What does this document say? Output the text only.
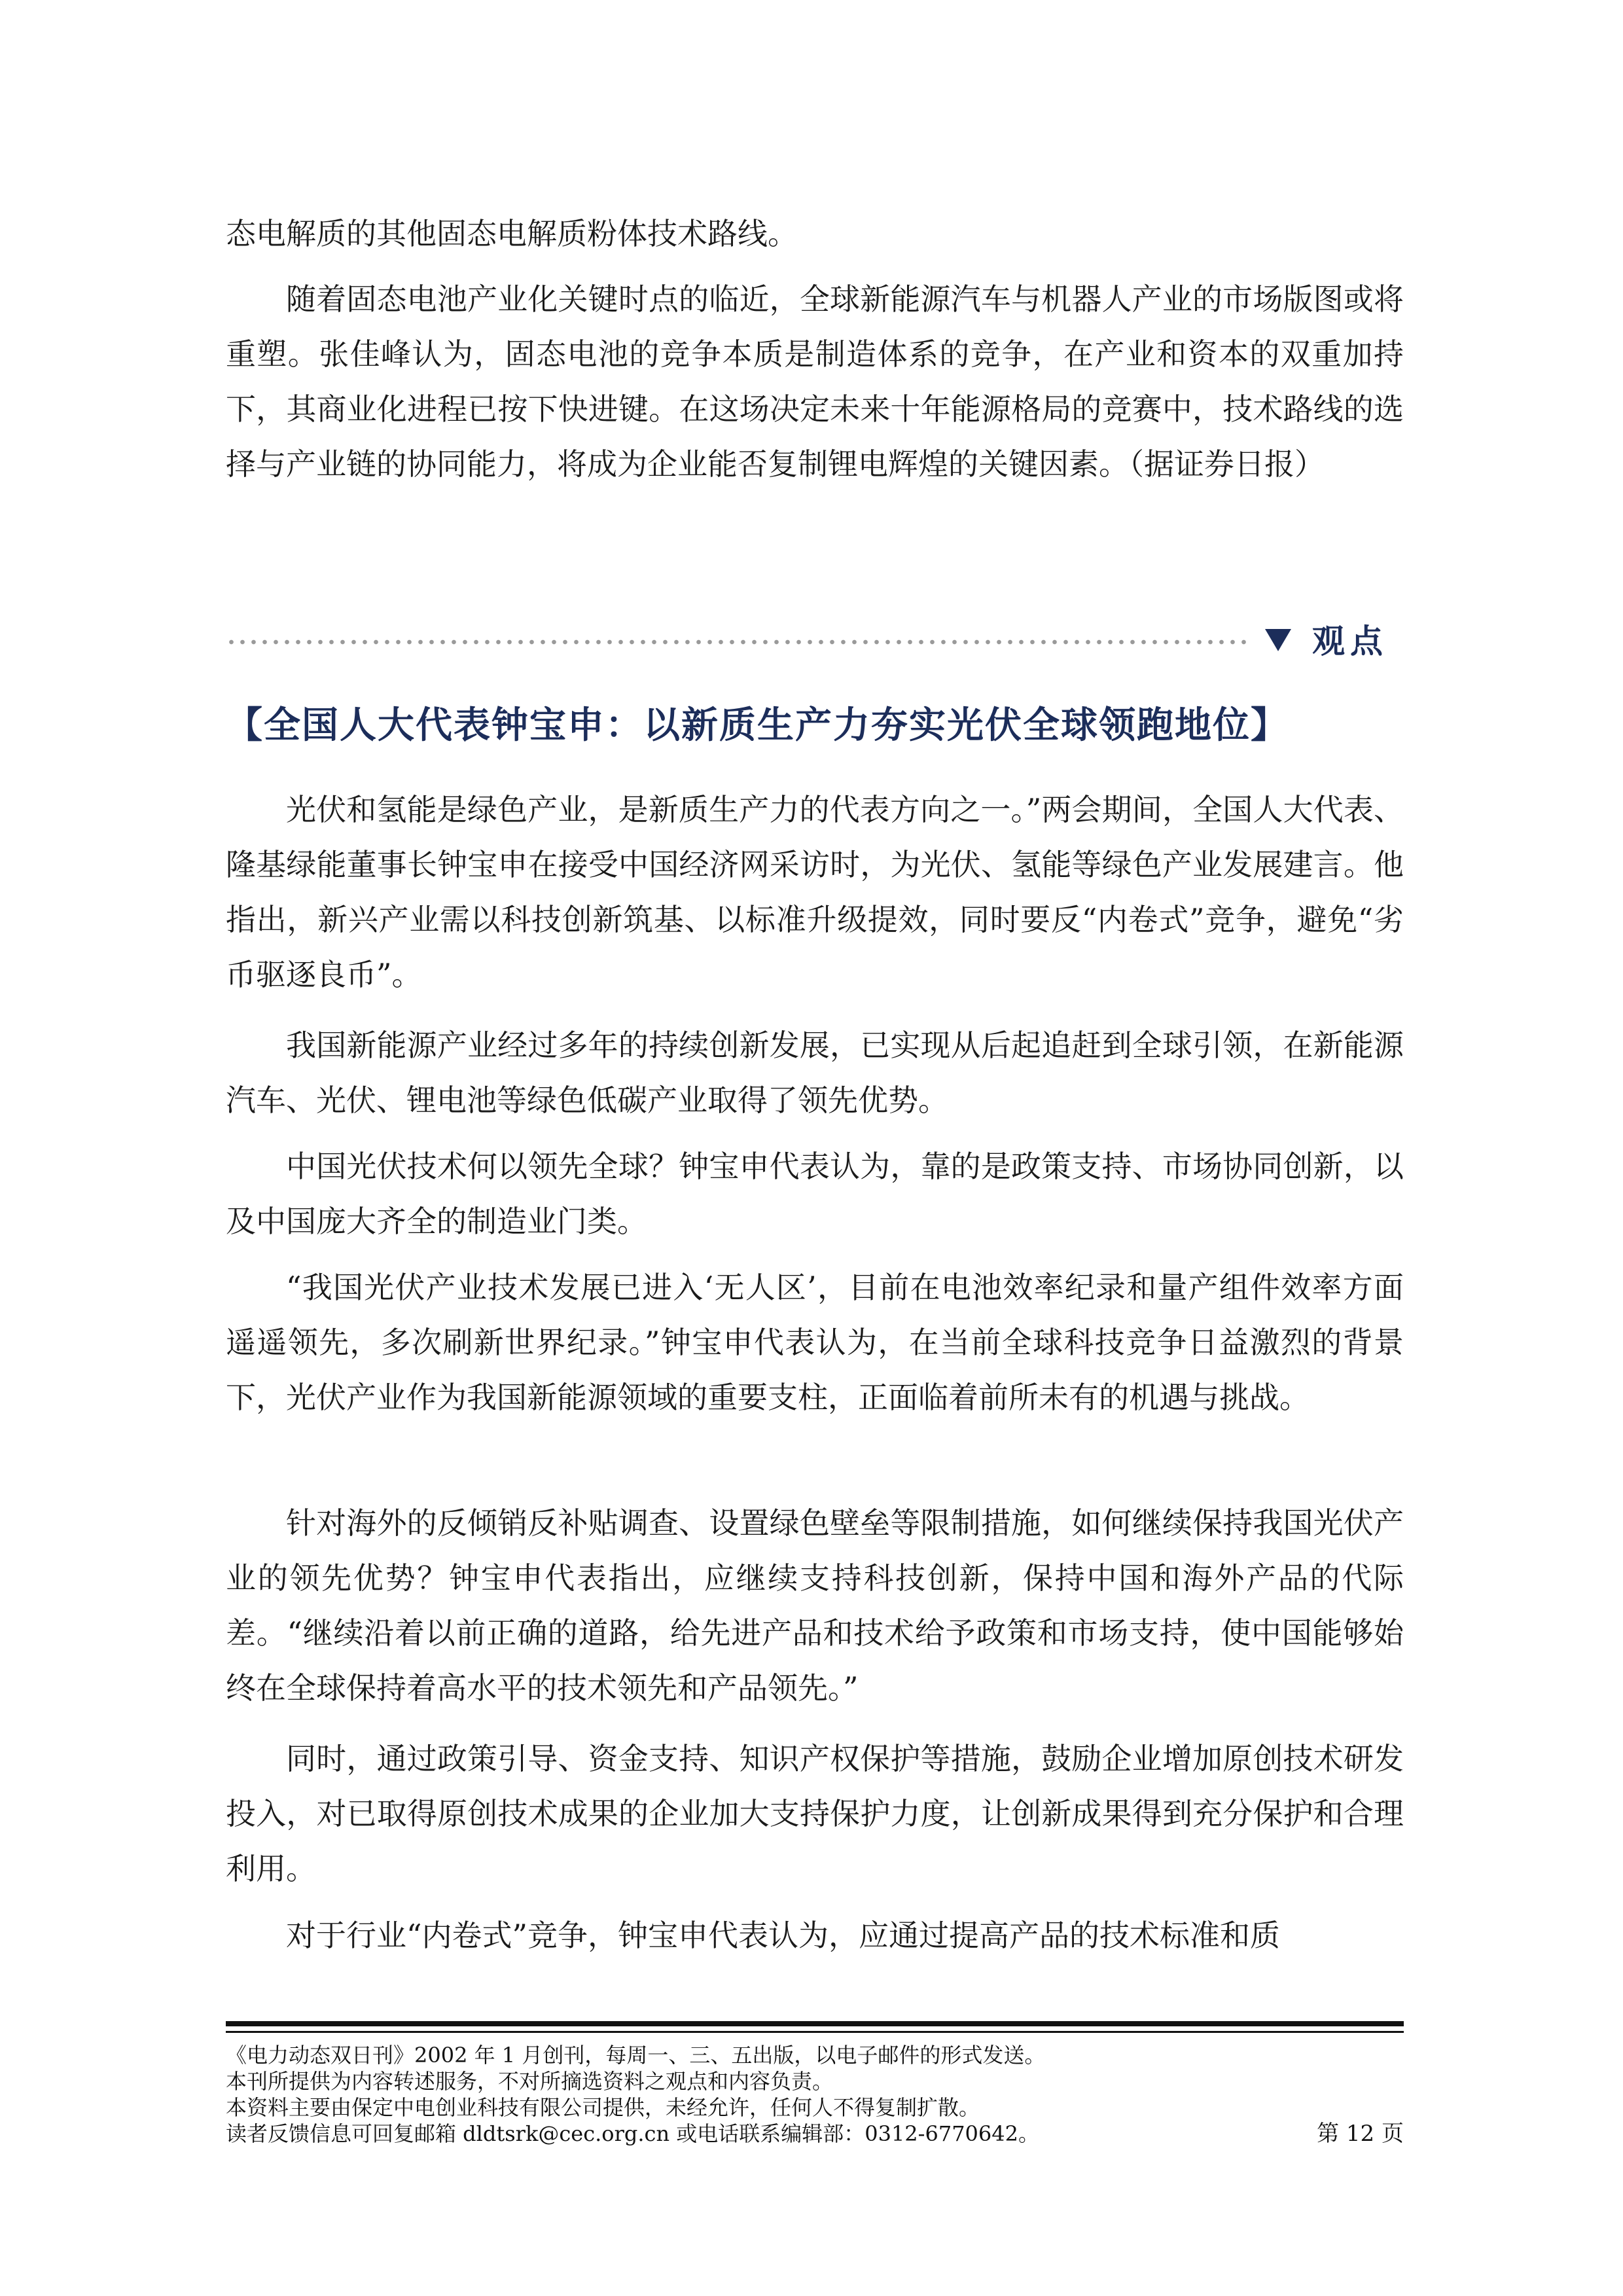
态电解质的其他固态电解质粉体技术路线。

随着固态电池产业化关键时点的临近，全球新能源汽车与机器人产业的市场版图或将重塑。张佳峰认为，固态电池的竞争本质是制造体系的竞争，在产业和资本的双重加持下，其商业化进程已按下快进键。在这场决定未来十年能源格局的竞赛中，技术路线的选择与产业链的协同能力，将成为企业能否复制锂电辉煌的关键因素。（据证券日报）

观点
【全国人大代表钟宝申：以新质生产力夯实光伏全球领跑地位】

光伏和氢能是绿色产业，是新质生产力的代表方向之一。”两会期间，全国人大代表、隆基绿能董事长钟宝申在接受中国经济网采访时，为光伏、氢能等绿色产业发展建言。他指出，新兴产业需以科技创新筑基、以标准升级提效，同时要反“内卷式”竞争，避免“劣币驱逐良币”。

我国新能源产业经过多年的持续创新发展，已实现从后起追赶到全球引领，在新能源汽车、光伏、锂电池等绿色低碳产业取得了领先优势。

中国光伏技术何以领先全球？钟宝申代表认为，靠的是政策支持、市场协同创新，以及中国庞大齐全的制造业门类。

“我国光伏产业技术发展已进入‘无人区’，目前在电池效率纪录和量产组件效率方面遥遥领先，多次刷新世界纪录。”钟宝申代表认为，在当前全球科技竞争日益激烈的背景下，光伏产业作为我国新能源领域的重要支柱，正面临着前所未有的机遇与挑战。

针对海外的反倾销反补贴调查、设置绿色壁垒等限制措施，如何继续保持我国光伏产业的领先优势？钟宝申代表指出，应继续支持科技创新，保持中国和海外产品的代际差。“继续沿着以前正确的道路，给先进产品和技术给予政策和市场支持，使中国能够始终在全球保持着高水平的技术领先和产品领先。”

同时，通过政策引导、资金支持、知识产权保护等措施，鼓励企业增加原创技术研发投入，对已取得原创技术成果的企业加大支持保护力度，让创新成果得到充分保护和合理利用。

对于行业“内卷式”竞争，钟宝申代表认为，应通过提高产品的技术标准和质

《电力动态双日刊》2002 年 1 月创刊，每周一、三、五出版，以电子邮件的形式发送。

本刊所提供为内容转述服务，不对所摘选资料之观点和内容负责。

本资料主要由保定中电创业科技有限公司提供，未经允许，任何人不得复制扩散。

读者反馈信息可回复邮箱 dldtsrk@cec.org.cn 或电话联系编辑部：0312-6770642。	第 12 页
